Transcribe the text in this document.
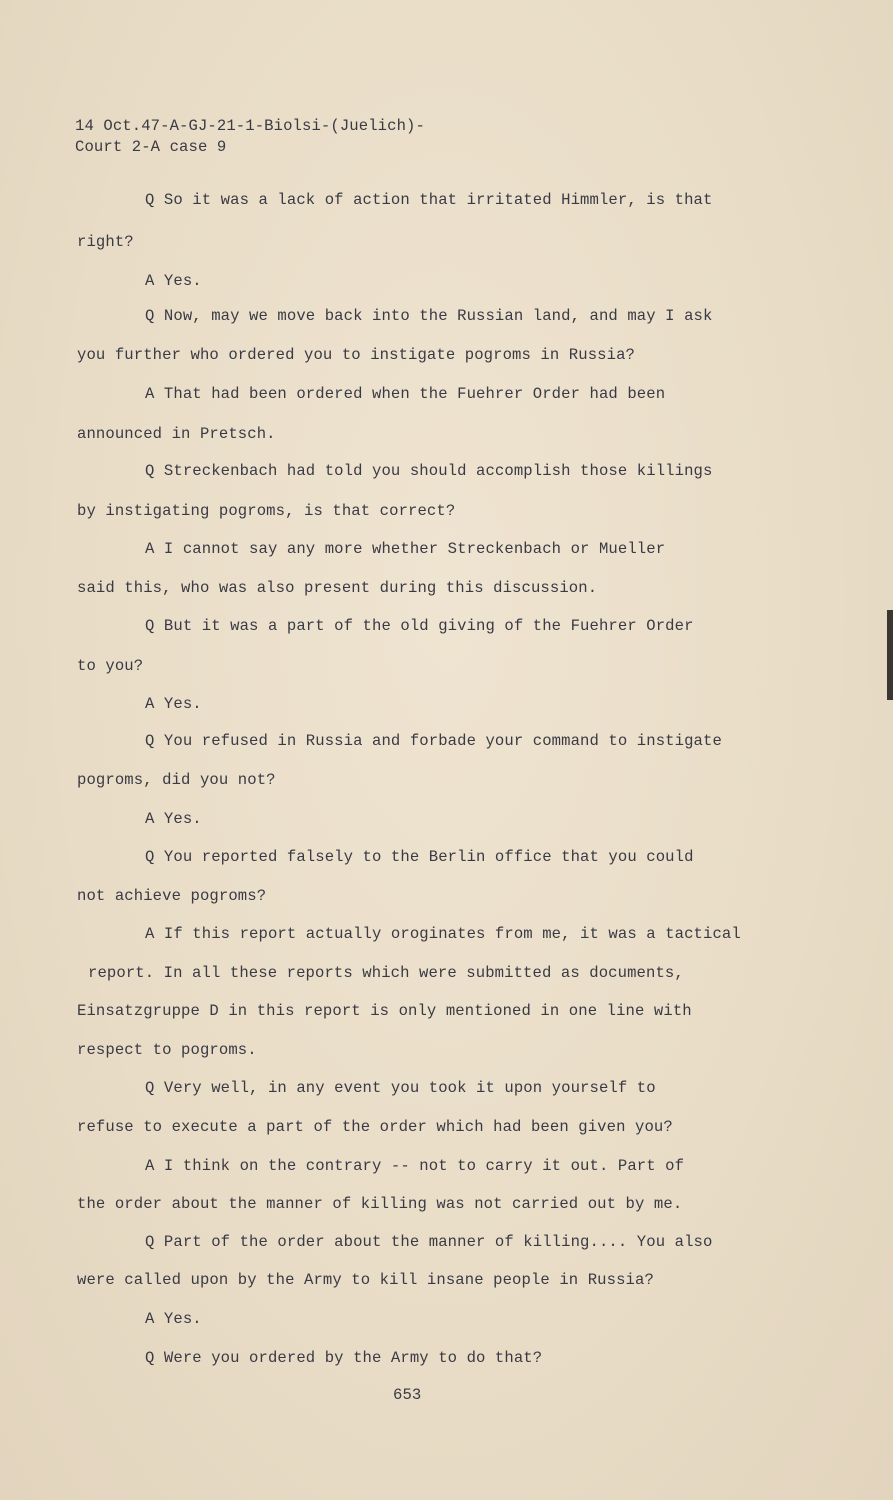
14 Oct.47-A-GJ-21-1-Biolsi-(Juelich)-
Court 2-A case 9
Q So it was a lack of action that irritated Himmler, is that
right?
A Yes.
Q Now, may we move back into the Russian land, and may I ask
you further who ordered you to instigate pogroms in Russia?
A That had been ordered when the Fuehrer Order had been
announced in Pretsch.
Q Streckenbach had told you should accomplish those killings
by instigating pogroms, is that correct?
A I cannot say any more whether Streckenbach or Mueller
said this, who was also present during this discussion.
Q But it was a part of the old giving of the Fuehrer Order
to you?
A Yes.
Q You refused in Russia and forbade your command to instigate
pogroms, did you not?
A Yes.
Q You reported falsely to the Berlin office that you could
not achieve pogroms?
A If this report actually oroginates from me, it was a tactical
report. In all these reports which were submitted as documents,
Einsatzgruppe D in this report is only mentioned in one line with
respect to pogroms.
Q Very well, in any event you took it upon yourself to
refuse to execute a part of the order which had been given you?
A I think on the contrary -- not to carry it out. Part of
the order about the manner of killing was not carried out by me.
Q Part of the order about the manner of killing.... You also
were called upon by the Army to kill insane people in Russia?
A Yes.
Q Were you ordered by the Army to do that?
653
